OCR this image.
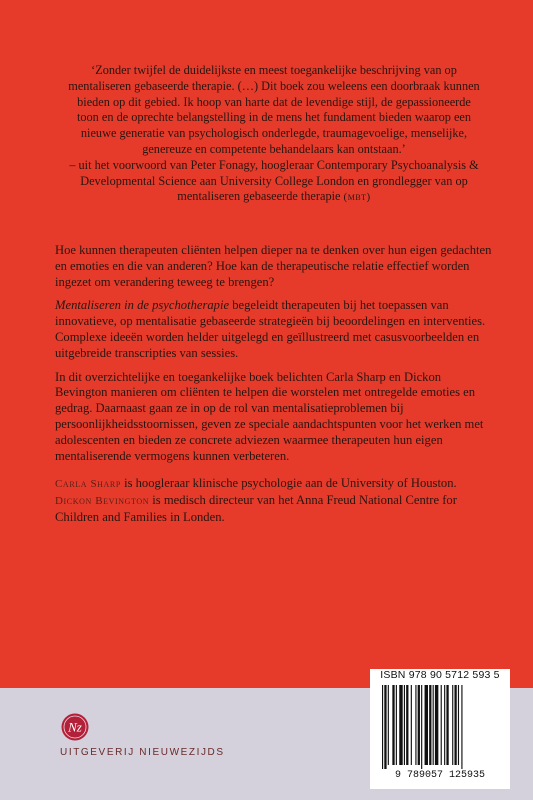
‘Zonder twijfel de duidelijkste en meest toegankelijke beschrijving van op mentaliseren gebaseerde therapie. (…) Dit boek zou weleens een doorbraak kunnen bieden op dit gebied. Ik hoop van harte dat de levendige stijl, de gepassioneerde toon en de oprechte belangstelling in de mens het fundament bieden waarop een nieuwe generatie van psychologisch onderlegde, traumagevoelige, menselijke, genereuze en competente behandelaars kan ontstaan.’

– uit het voorwoord van Peter Fonagy, hoogleraar Contemporary Psychoanalysis & Developmental Science aan University College London en grondlegger van op mentaliseren gebaseerde therapie (mbt)

Hoe kunnen therapeuten cliënten helpen dieper na te denken over hun eigen gedachten en emoties en die van anderen? Hoe kan de therapeutische relatie effectief worden ingezet om verandering teweeg te brengen?

Mentaliseren in de psychotherapie begeleidt therapeuten bij het toepassen van innovatieve, op mentalisatie gebaseerde strategieën bij beoordelingen en interventies. Complexe ideeën worden helder uitgelegd en geïllustreerd met casusvoorbeelden en uitgebreide transcripties van sessies.

In dit overzichtelijke en toegankelijke boek belichten Carla Sharp en Dickon Bevington manieren om cliënten te helpen die worstelen met ontregelde emoties en gedrag. Daarnaast gaan ze in op de rol van mentalisatieproblemen bij persoonlijkheidsstoornissen, geven ze speciale aandachtspunten voor het werken met adolescenten en bieden ze concrete adviezen waarmee therapeuten hun eigen mentaliserende vermogens kunnen verbeteren.

Carla Sharp is hoogleraar klinische psychologie aan de University of Houston.

Dickon Bevington is medisch directeur van het Anna Freud National Centre for Children and Families in Londen.

Nz
UITGEVERIJ NIEUWEZIJDS
ISBN 978 90 5712 593 5
9 789057 125935
